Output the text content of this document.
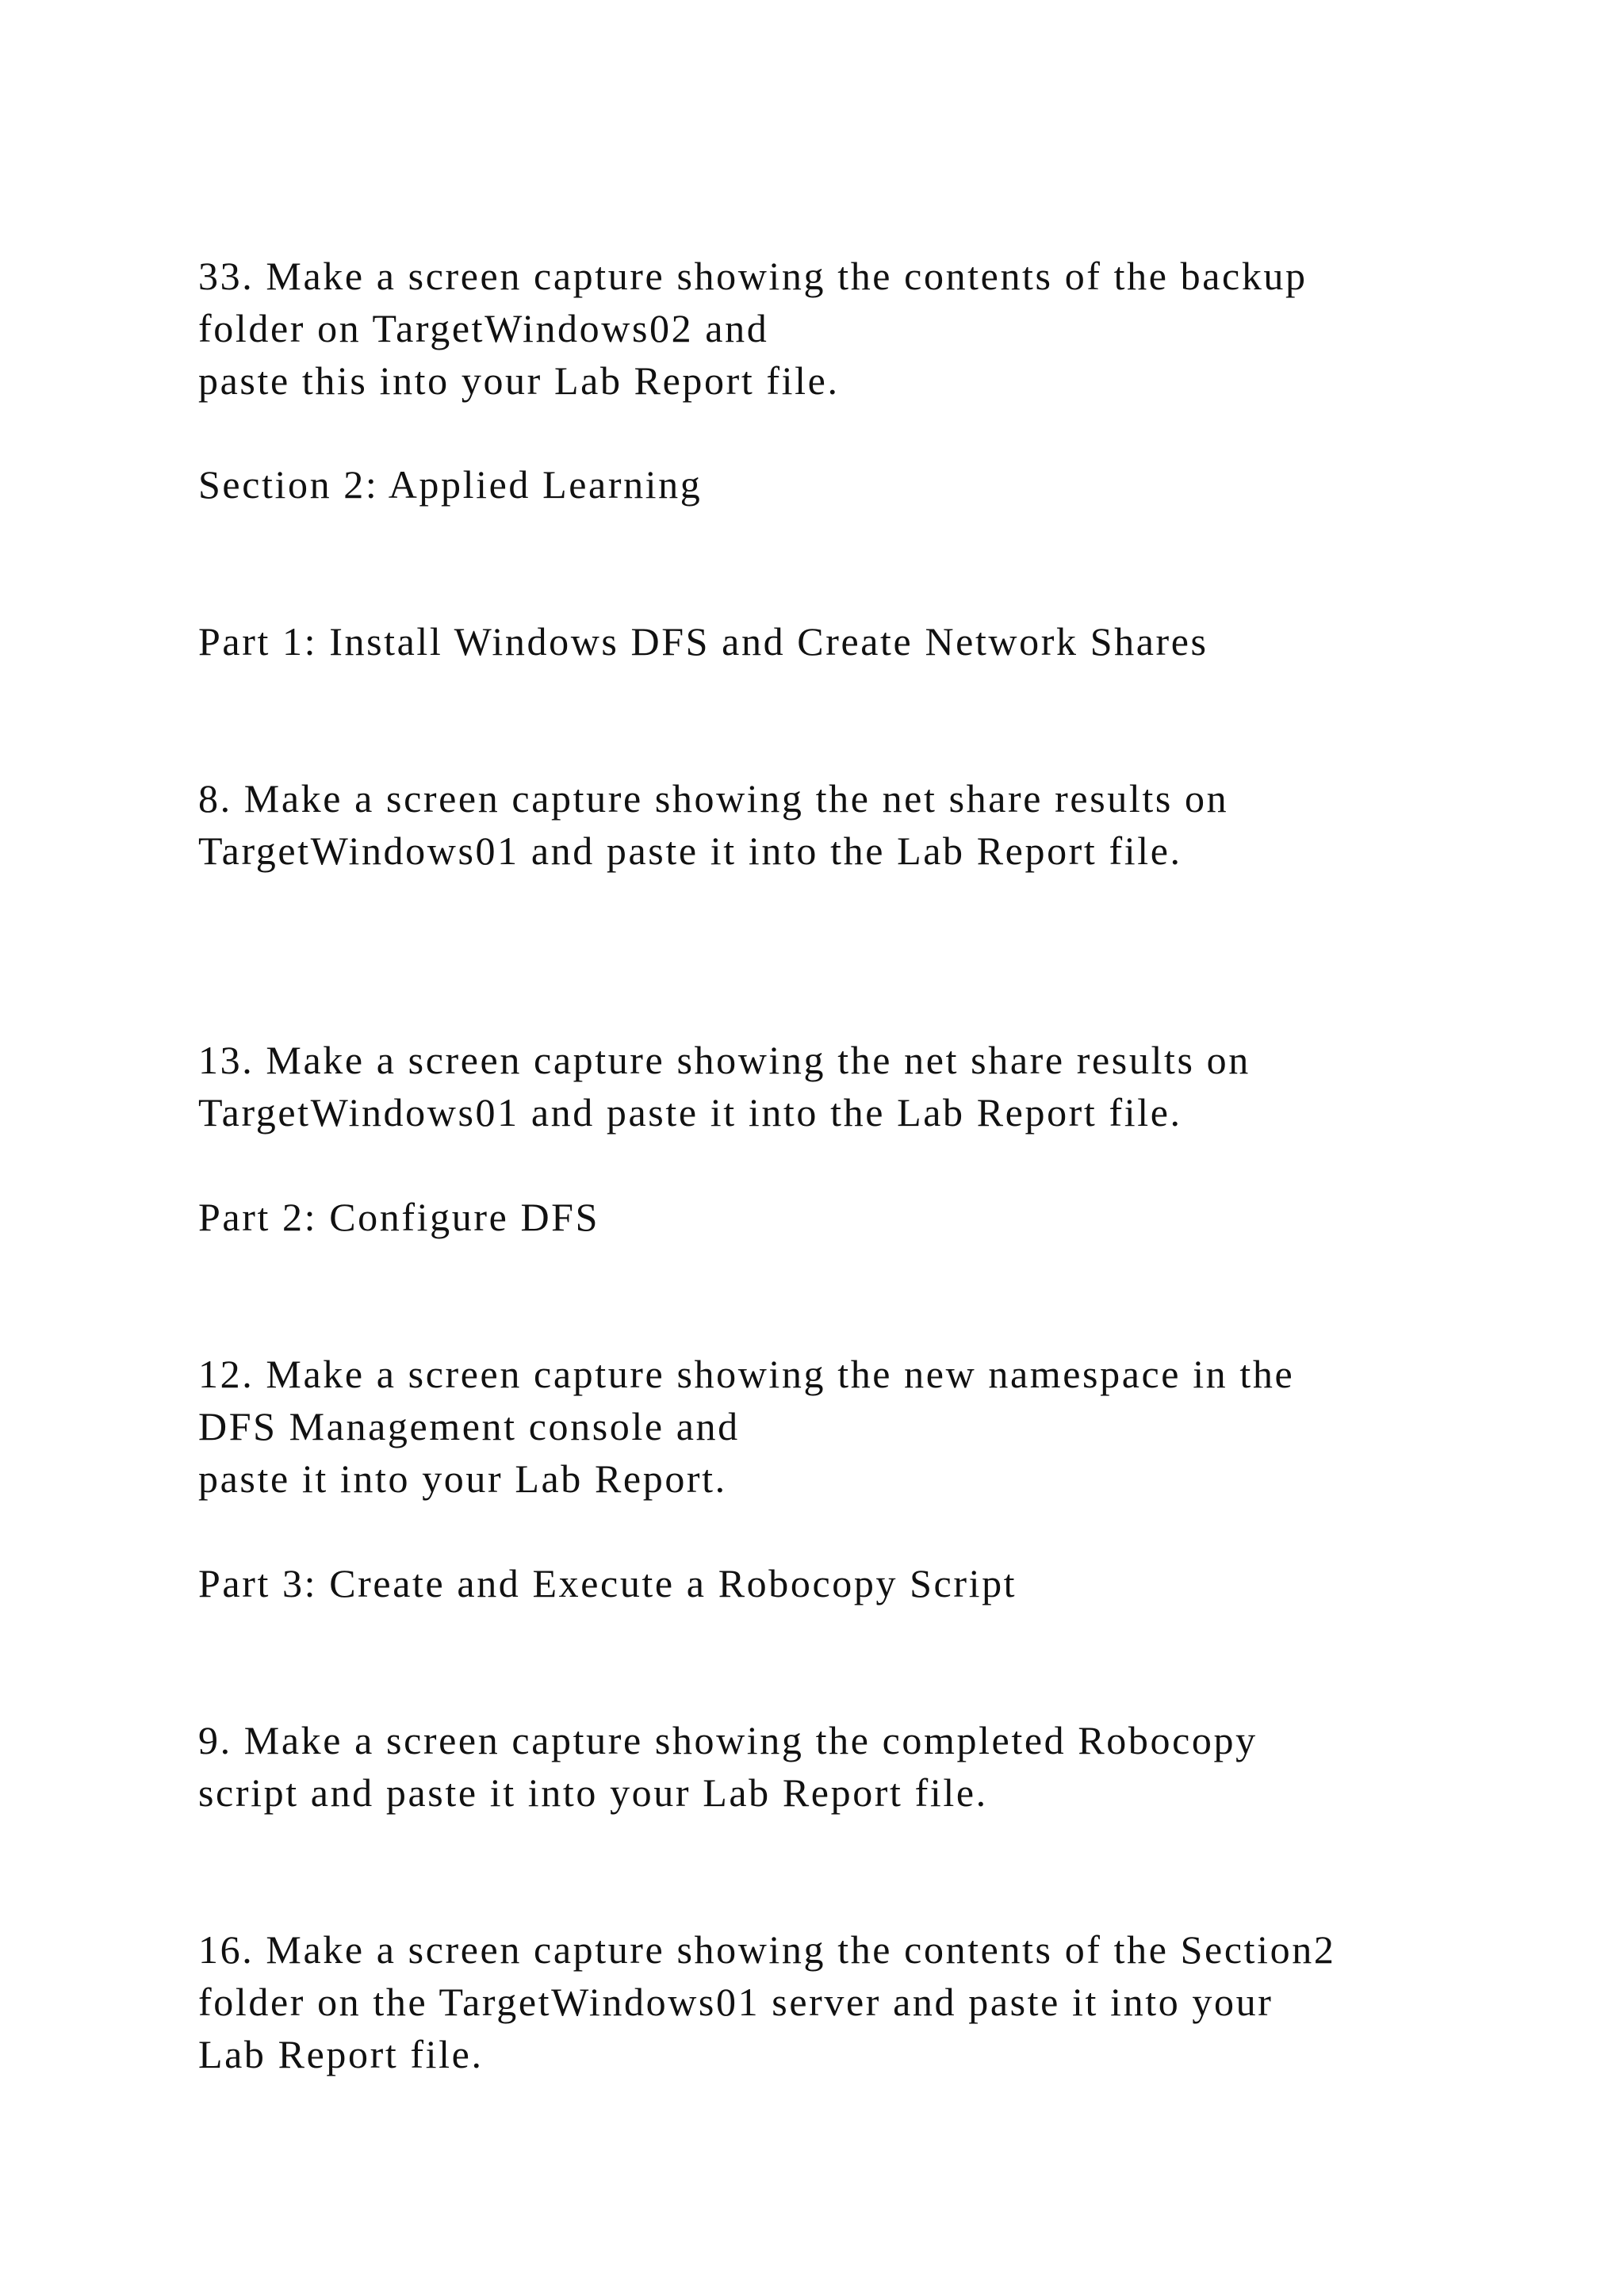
33. Make a screen capture showing the contents of the backup

folder on TargetWindows02 and

paste this into your Lab Report file.

Section 2: Applied Learning

Part 1: Install Windows DFS and Create Network Shares

8. Make a screen capture showing the net share results on

TargetWindows01 and paste it into the Lab Report file.

13. Make a screen capture showing the net share results on

TargetWindows01 and paste it into the Lab Report file.

Part 2: Configure DFS

12. Make a screen capture showing the new namespace in the

DFS Management console and

paste it into your Lab Report.

Part 3: Create and Execute a Robocopy Script

9. Make a screen capture showing the completed Robocopy

script and paste it into your Lab Report file.

16. Make a screen capture showing the contents of the Section2

folder on the TargetWindows01 server and paste it into your

Lab Report file.
